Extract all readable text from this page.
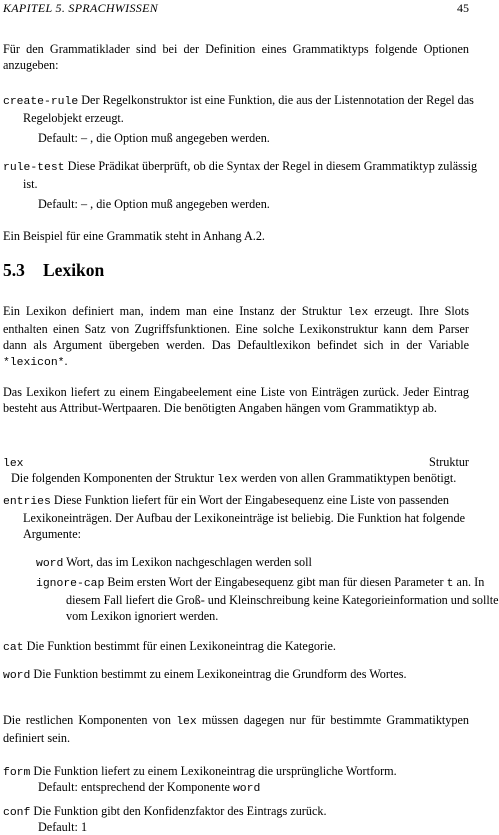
KAPITEL 5. SPRACHWISSEN	45

Für den Grammatiklader sind bei der Definition eines Grammatiktyps folgende Optionen anzugeben:

create-rule Der Regelkonstruktor ist eine Funktion, die aus der Listennotation der Regel das Regelobjekt erzeugt.
Default: – , die Option muß angegeben werden.
rule-test Diese Prädikat überprüft, ob die Syntax der Regel in diesem Grammatiktyp zulässig ist.
Default: – , die Option muß angegeben werden.

Ein Beispiel für eine Grammatik steht in Anhang A.2.

5.3 Lexikon

Ein Lexikon definiert man, indem man eine Instanz der Struktur lex erzeugt. Ihre Slots enthalten einen Satz von Zugriffsfunktionen. Eine solche Lexikonstruktur kann dem Parser dann als Argument übergeben werden. Das Defaultlexikon befindet sich in der Variable *lexicon*.

Das Lexikon liefert zu einem Eingabeelement eine Liste von Einträgen zurück. Jeder Eintrag besteht aus Attribut-Wertpaaren. Die benötigten Angaben hängen vom Grammatiktyp ab.

lex	Struktur

Die folgenden Komponenten der Struktur lex werden von allen Grammatiktypen benötigt.

entries Diese Funktion liefert für ein Wort der Eingabesequenz eine Liste von passenden Lexikoneinträgen. Der Aufbau der Lexikoneinträge ist beliebig. Die Funktion hat folgende Argumente:
word Wort, das im Lexikon nachgeschlagen werden soll
ignore-cap Beim ersten Wort der Eingabesequenz gibt man für diesen Parameter t an. In diesem Fall liefert die Groß- und Kleinschreibung keine Kategorieinformation und sollte vom Lexikon ignoriert werden.
cat Die Funktion bestimmt für einen Lexikoneintrag die Kategorie.
word Die Funktion bestimmt zu einem Lexikoneintrag die Grundform des Wortes.

Die restlichen Komponenten von lex müssen dagegen nur für bestimmte Grammatiktypen definiert sein.

form Die Funktion liefert zu einem Lexikoneintrag die ursprüngliche Wortform.
Default: entsprechend der Komponente word
conf Die Funktion gibt den Konfidenzfaktor des Eintrags zurück.
Default: 1
